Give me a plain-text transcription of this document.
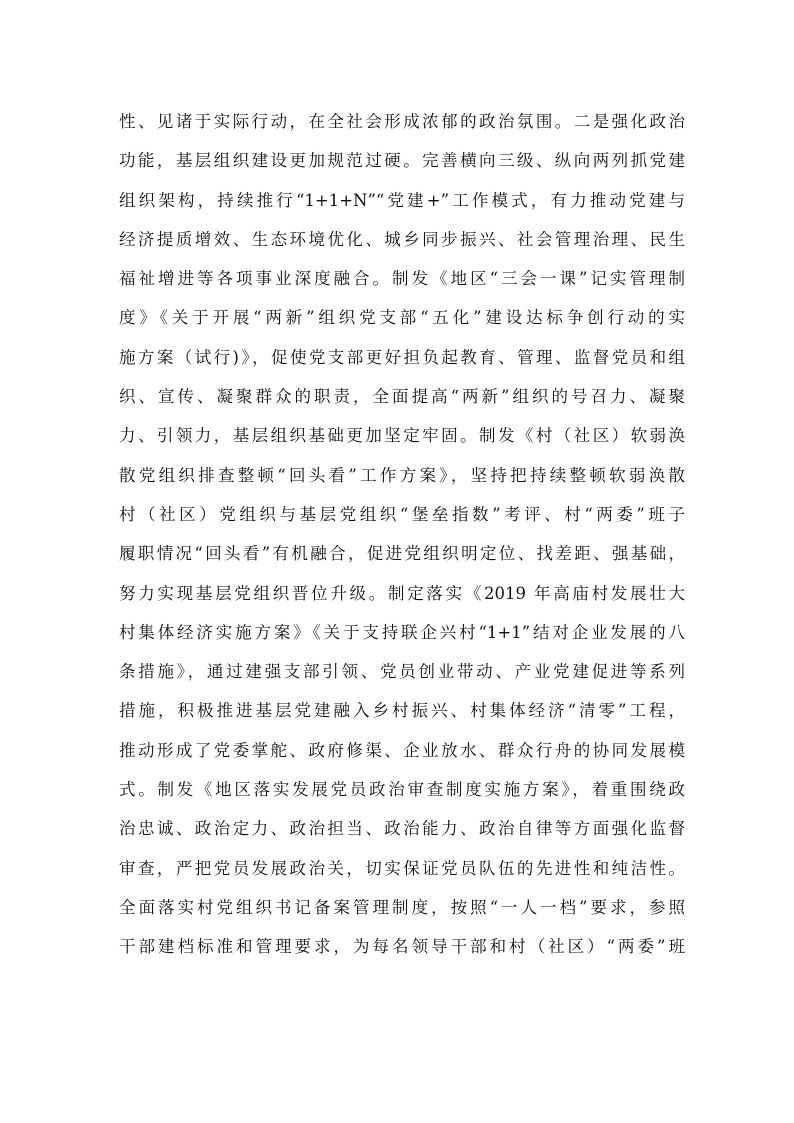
性、见诸于实际行动，在全社会形成浓郁的政治氛围。二是强化政治
功能，基层组织建设更加规范过硬。完善横向三级、纵向两列抓党建
组织架构，持续推行“1+1+N”“党建+”工作模式，有力推动党建与
经济提质增效、生态环境优化、城乡同步振兴、社会管理治理、民生
福祉增进等各项事业深度融合。制发《地区“三会一课”记实管理制
度》《关于开展“两新”组织党支部“五化”建设达标争创行动的实
施方案（试行)》，促使党支部更好担负起教育、管理、监督党员和组
织、宣传、凝聚群众的职责，全面提高“两新”组织的号召力、凝聚
力、引领力，基层组织基础更加坚定牢固。制发《村（社区）软弱涣
散党组织排查整顿“回头看”工作方案》，坚持把持续整顿软弱涣散
村（社区）党组织与基层党组织“堡垒指数”考评、村“两委”班子
履职情况“回头看”有机融合，促进党组织明定位、找差距、强基础，
努力实现基层党组织晋位升级。制定落实《2019 年高庙村发展壮大
村集体经济实施方案》《关于支持联企兴村“1+1”结对企业发展的八
条措施》，通过建强支部引领、党员创业带动、产业党建促进等系列
措施，积极推进基层党建融入乡村振兴、村集体经济“清零”工程，
推动形成了党委掌舵、政府修渠、企业放水、群众行舟的协同发展模
式。制发《地区落实发展党员政治审查制度实施方案》，着重围绕政
治忠诚、政治定力、政治担当、政治能力、政治自律等方面强化监督
审查，严把党员发展政治关，切实保证党员队伍的先进性和纯洁性。
全面落实村党组织书记备案管理制度，按照“一人一档”要求，参照
干部建档标准和管理要求，为每名领导干部和村（社区）“两委”班
